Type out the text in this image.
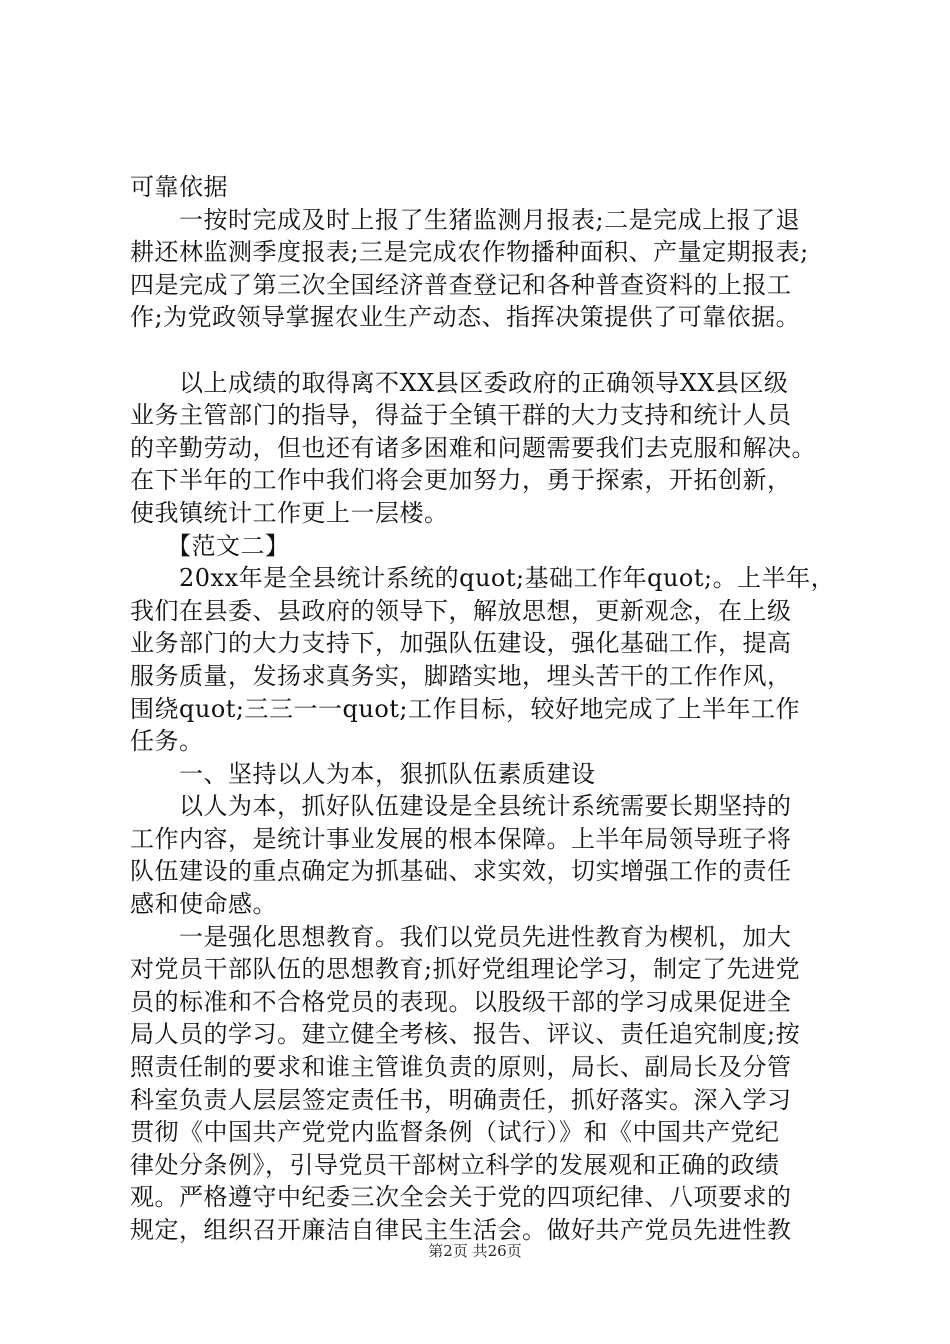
可靠依据
　　一按时完成及时上报了生猪监测月报表;二是完成上报了退
耕还林监测季度报表;三是完成农作物播种面积、产量定期报表;
四是完成了第三次全国经济普查登记和各种普查资料的上报工
作;为党政领导掌握农业生产动态、指挥决策提供了可靠依据。
　　以上成绩的取得离不XX县区委政府的正确领导XX县区级
业务主管部门的指导，得益于全镇干群的大力支持和统计人员
的辛勤劳动，但也还有诸多困难和问题需要我们去克服和解决。
在下半年的工作中我们将会更加努力，勇于探索，开拓创新，
使我镇统计工作更上一层楼。
　　【范文二】
　　20xx年是全县统计系统的quot;基础工作年quot;。上半年，
我们在县委、县政府的领导下，解放思想，更新观念，在上级
业务部门的大力支持下，加强队伍建设，强化基础工作，提高
服务质量，发扬求真务实，脚踏实地，埋头苦干的工作作风，
围绕quot;三三一一quot;工作目标，较好地完成了上半年工作
任务。
　　一、坚持以人为本，狠抓队伍素质建设
　　以人为本，抓好队伍建设是全县统计系统需要长期坚持的
工作内容，是统计事业发展的根本保障。上半年局领导班子将
队伍建设的重点确定为抓基础、求实效，切实增强工作的责任
感和使命感。
　　一是强化思想教育。我们以党员先进性教育为楔机，加大
对党员干部队伍的思想教育;抓好党组理论学习，制定了先进党
员的标准和不合格党员的表现。以股级干部的学习成果促进全
局人员的学习。建立健全考核、报告、评议、责任追究制度;按
照责任制的要求和谁主管谁负责的原则，局长、副局长及分管
科室负责人层层签定责任书，明确责任，抓好落实。深入学习
贯彻《中国共产党党内监督条例（试行）》和《中国共产党纪
律处分条例》，引导党员干部树立科学的发展观和正确的政绩
观。严格遵守中纪委三次全会关于党的四项纪律、八项要求的
规定，组织召开廉洁自律民主生活会。做好共产党员先进性教
第2页 共26页
